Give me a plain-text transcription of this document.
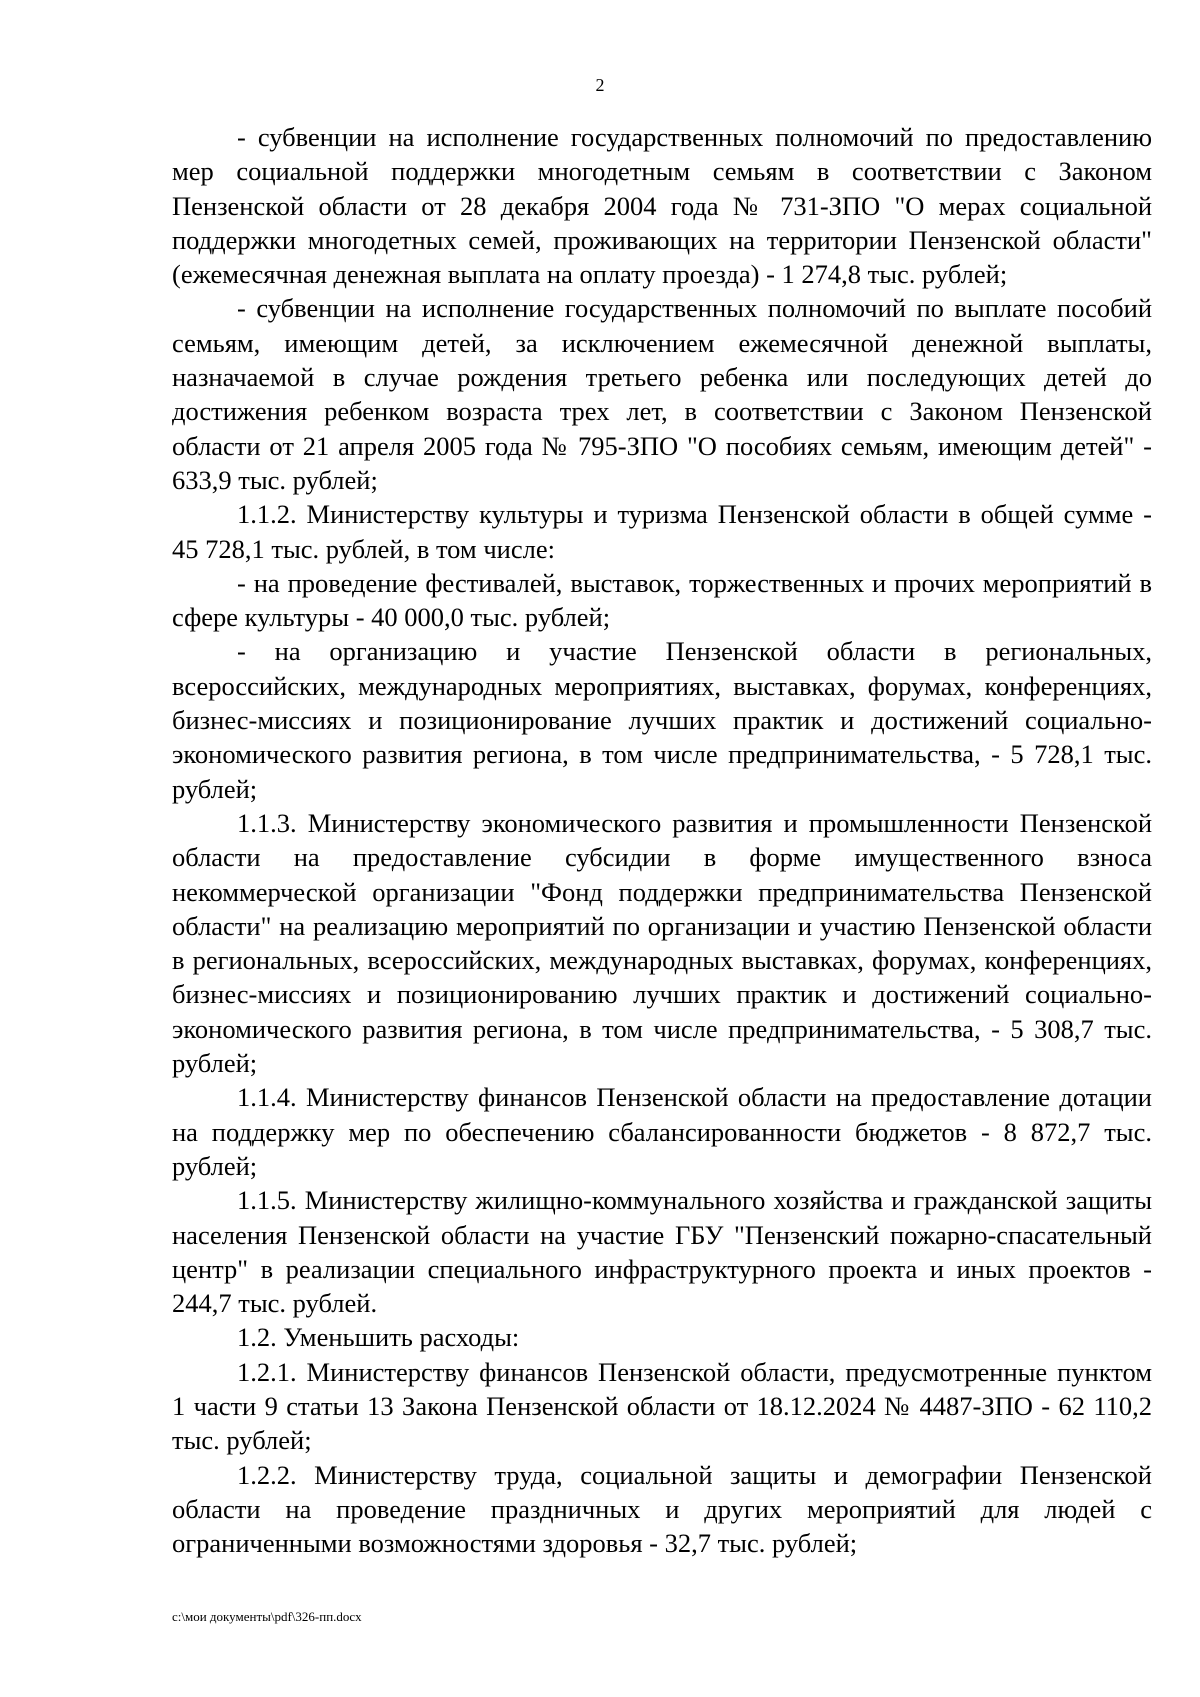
2

- субвенции на исполнение государственных полномочий по предоставлению мер социальной поддержки многодетным семьям в соответствии с Законом Пензенской области от 28 декабря 2004 года № 731-ЗПО "О мерах социальной поддержки многодетных семей, проживающих на территории Пензенской области" (ежемесячная денежная выплата на оплату проезда) - 1 274,8 тыс. рублей;

- субвенции на исполнение государственных полномочий по выплате пособий семьям, имеющим детей, за исключением ежемесячной денежной выплаты, назначаемой в случае рождения третьего ребенка или последующих детей до достижения ребенком возраста трех лет, в соответствии с Законом Пензенской области от 21 апреля 2005 года № 795-ЗПО "О пособиях семьям, имеющим детей" - 633,9 тыс. рублей;

1.1.2. Министерству культуры и туризма Пензенской области в общей сумме - 45 728,1 тыс. рублей, в том числе:

- на проведение фестивалей, выставок, торжественных и прочих мероприятий в сфере культуры - 40 000,0 тыс. рублей;

- на организацию и участие Пензенской области в региональных, всероссийских, международных мероприятиях, выставках, форумах, конференциях, бизнес-миссиях и позиционирование лучших практик и достижений социально-экономического развития региона, в том числе предпринимательства, - 5 728,1 тыс. рублей;

1.1.3. Министерству экономического развития и промышленности Пензенской области на предоставление субсидии в форме имущественного взноса некоммерческой организации "Фонд поддержки предпринимательства Пензенской области" на реализацию мероприятий по организации и участию Пензенской области в региональных, всероссийских, международных выставках, форумах, конференциях, бизнес-миссиях и позиционированию лучших практик и достижений социально-экономического развития региона, в том числе предпринимательства, - 5 308,7 тыс. рублей;

1.1.4. Министерству финансов Пензенской области на предоставление дотации на поддержку мер по обеспечению сбалансированности бюджетов - 8 872,7 тыс. рублей;

1.1.5. Министерству жилищно-коммунального хозяйства и гражданской защиты населения Пензенской области на участие ГБУ "Пензенский пожарно-спасательный центр" в реализации специального инфраструктурного проекта и иных проектов - 244,7 тыс. рублей.

1.2. Уменьшить расходы:

1.2.1. Министерству финансов Пензенской области, предусмотренные пунктом 1 части 9 статьи 13 Закона Пензенской области от 18.12.2024 № 4487-ЗПО - 62 110,2 тыс. рублей;

1.2.2. Министерству труда, социальной защиты и демографии Пензенской области на проведение праздничных и других мероприятий для людей с ограниченными возможностями здоровья - 32,7 тыс. рублей;

c:\мои документы\pdf\326-пп.docx
